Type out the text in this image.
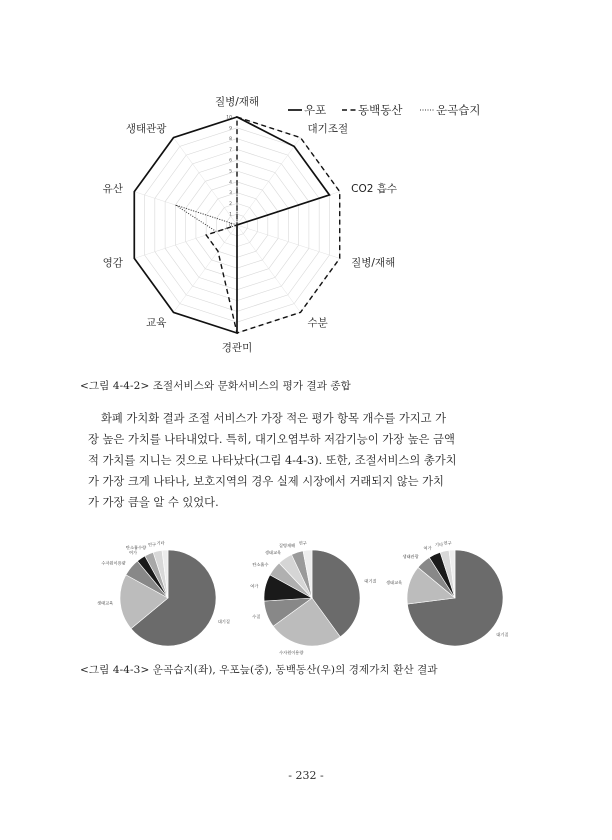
0
1
2
3
4
5
6
7
8
9
10
질병/재해
대기조절
CO2 흡수
질병/재해
수분
경관미
교육
영감
유산
생태관광
우포	동백동산	운곡습지
<그림 4-4-2> 조절서비스와 문화서비스의 평가 결과 종합
화폐 가치화 결과 조절 서비스가 가장 적은 평가 항목 개수를 가지고 가
장 높은 가치를 나타내었다. 특히, 대기오염부하 저감기능이 가장 높은 금액
적 가치를 지니는 것으로 나타났다(그림 4-4-3). 또한, 조절서비스의 총가치
가 가장 크게 나타나, 보호지역의 경우 실제 시장에서 거래되지 않는 가치
가 가장 큼을 알 수 있었다.
대기질
생태교육
수자원이용량
여가
탄소흡수량
연구 기타
대기질
수자원이용량
수질
여가
탄소흡수
생태교육
질병재해 연구
대기질
생태교육
생태관광
여가
기타 연구
<그림 4-4-3> 운곡습지(좌), 우포늪(중), 동백동산(우)의 경제가치 환산 결과
- 232 -
